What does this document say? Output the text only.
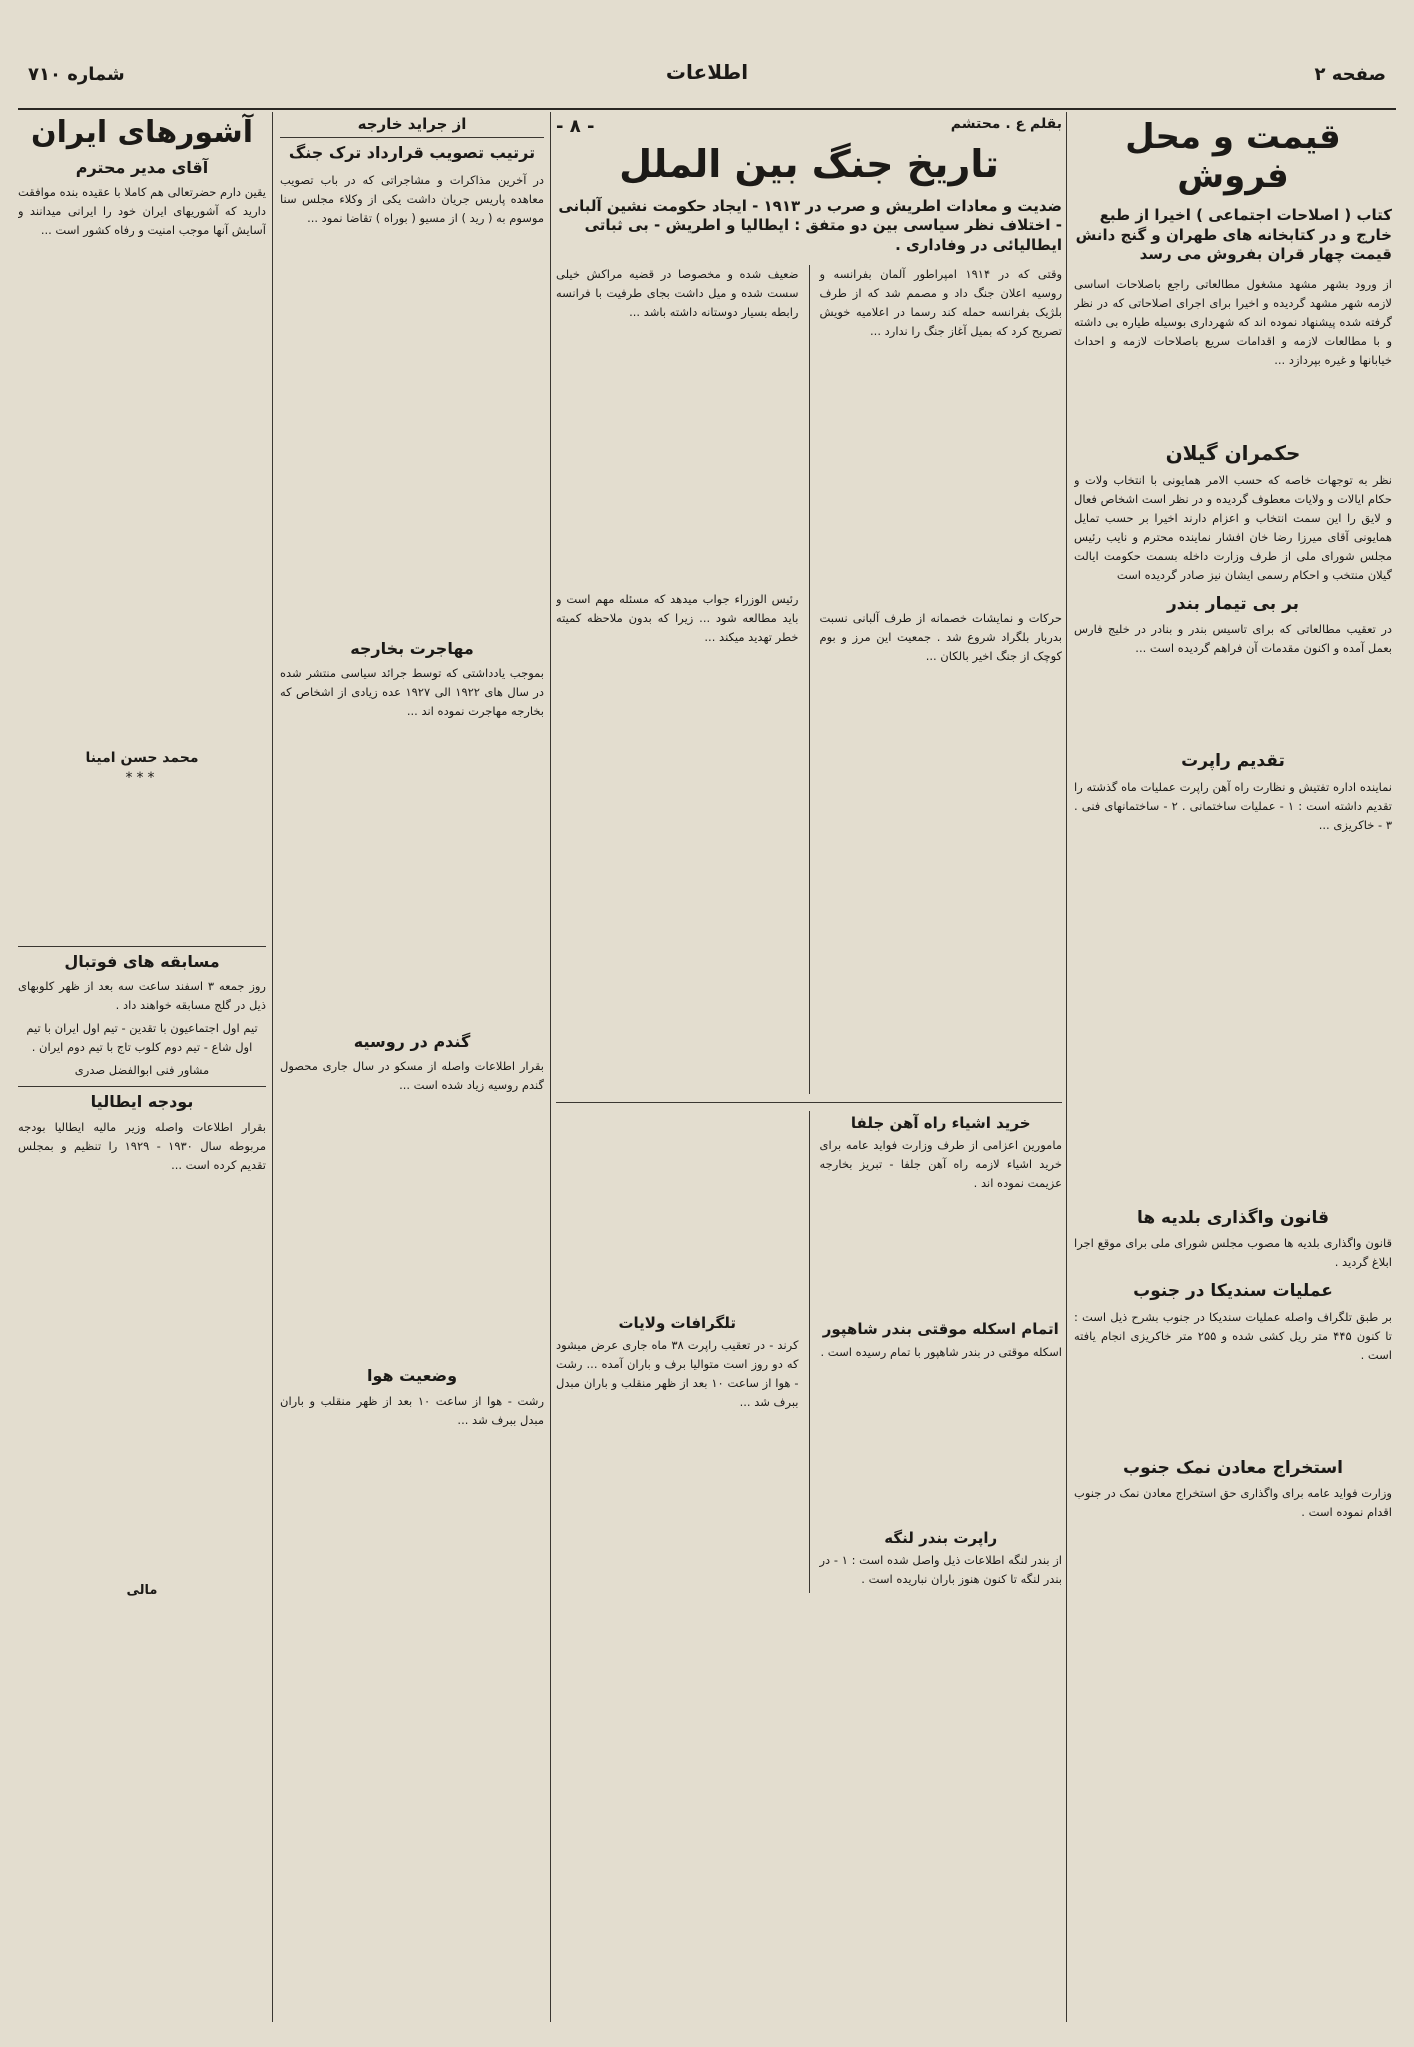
صفحه ۲
اطلاعات
شماره ۷۱۰
قیمت و محل فروش
کتاب ( اصلاحات اجتماعی ) اخیرا از طبع خارج و در کتابخانه های طهران و گنج دانش قیمت چهار قران بفروش می رسد
از ورود بشهر مشهد مشغول مطالعاتی راجع باصلاحات اساسی لازمه شهر مشهد گردیده و اخیرا برای اجرای اصلاحاتی که در نظر گرفته شده پیشنهاد نموده اند که شهرداری بوسیله طیاره بی داشته و با مطالعات لازمه و اقدامات سریع باصلاحات لازمه و احداث خیابانها و غیره بپردازد ...
حکمران گیلان
نظر به توجهات خاصه که حسب الامر همایونی با انتخاب ولات و حکام ایالات و ولایات معطوف گردیده و در نظر است اشخاص فعال و لایق را این سمت انتخاب و اعزام دارند اخیرا بر حسب تمایل همایونی آقای میرزا رضا خان افشار نماینده محترم و نایب رئیس مجلس شورای ملی از طرف وزارت داخله بسمت حکومت ایالت گیلان منتخب و احکام رسمی ایشان نیز صادر گردیده است
بر بی تیمار بندر
در تعقیب مطالعاتی که برای تاسیس بندر و بنادر در خلیج فارس بعمل آمده و اکنون مقدمات آن فراهم گردیده است ...
تقدیم راپرت
نماینده اداره تفتیش و نظارت راه آهن راپرت عملیات ماه گذشته را تقدیم داشته است : ۱ - عملیات ساختمانی . ۲ - ساختمانهای فنی . ۳ - خاکریزی ...
قانون واگذاری بلدیه ها
قانون واگذاری بلدیه ها مصوب مجلس شورای ملی برای موقع اجرا ابلاغ گردید .
عملیات سندیکا در جنوب
بر طبق تلگراف واصله عملیات سندیکا در جنوب بشرح ذیل است : تا کنون ۴۴۵ متر ریل کشی شده و ۲۵۵ متر خاکریزی انجام یافته است .
استخراج معادن نمک جنوب
وزارت فواید عامه برای واگذاری حق استخراج معادن نمک در جنوب اقدام نموده است .
بقلم ع . محتشم
- ۸ -
تاریخ جنگ بین الملل
ضدیت و معادات اطریش و صرب در ۱۹۱۳ - ایجاد حکومت نشین آلبانی - اختلاف نظر سیاسی بین دو متفق : ایطالیا و اطریش - بی ثباتی ایطالیائی در وفاداری .
وقتی که در ۱۹۱۴ امپراطور آلمان بفرانسه و روسیه اعلان جنگ داد و مصمم شد که از طرف بلژیک بفرانسه حمله کند رسما در اعلامیه خویش تصریح کرد که بمیل آغاز جنگ را ندارد ...
حرکات و نمایشات خصمانه از طرف آلبانی نسبت بدربار بلگراد شروع شد . جمعیت این مرز و بوم کوچک از جنگ اخیر بالکان ...
ضعیف شده و مخصوصا در قضیه مراکش خیلی سست شده و میل داشت بجای طرفیت با فرانسه رابطه بسیار دوستانه داشته باشد ...
رئیس الوزراء جواب میدهد که مسئله مهم است و باید مطالعه شود ... زیرا که بدون ملاحظه کمیته خطر تهدید میکند ...
خرید اشیاء راه آهن جلفا
مامورین اعزامی از طرف وزارت فواید عامه برای خرید اشیاء لازمه راه آهن جلفا - تبریز بخارجه عزیمت نموده اند .
اتمام اسکله موقتی بندر شاهپور
اسکله موقتی در بندر شاهپور با تمام رسیده است .
راپرت بندر لنگه
از بندر لنگه اطلاعات ذیل واصل شده است : ۱ - در بندر لنگه تا کنون هنوز باران نباریده است .
تلگرافات ولایات
کرند - در تعقیب راپرت ۳۸ ماه جاری عرض میشود که دو روز است متوالیا برف و باران آمده ... رشت - هوا از ساعت ۱۰ بعد از ظهر منقلب و باران مبدل ببرف شد ...
از جراید خارجه
ترتیب تصویب قرارداد ترک جنگ
در آخرین مذاکرات و مشاجراتی که در باب تصویب معاهده پاریس جریان داشت یکی از وکلاء مجلس سنا موسوم به ( رید ) از مسیو ( بوراه ) تقاضا نمود ...
مهاجرت بخارجه
بموجب یادداشتی که توسط جرائد سیاسی منتشر شده در سال های ۱۹۲۲ الی ۱۹۲۷ عده زیادی از اشخاص که بخارجه مهاجرت نموده اند ...
گندم در روسیه
بقرار اطلاعات واصله از مسکو در سال جاری محصول گندم روسیه زیاد شده است ...
وضعیت هوا
رشت - هوا از ساعت ۱۰ بعد از ظهر منقلب و باران مبدل ببرف شد ...
آشورهای ایران
آقای مدیر محترم
یقین دارم حضرتعالی هم کاملا با عقیده بنده موافقت دارید که آشوریهای ایران خود را ایرانی میدانند و آسایش آنها موجب امنیت و رفاه کشور است ...
محمد حسن امینا
***
مسابقه های فوتبال
روز جمعه ۳ اسفند ساعت سه بعد از ظهر کلوبهای ذیل در گلج مسابقه خواهند داد .
تیم اول اجتماعیون با تقدین - تیم اول ایران با تیم اول شاع - تیم دوم کلوب تاج با تیم دوم ایران .
مشاور فنی ابوالفضل صدری
بودجه ایطالیا
بقرار اطلاعات واصله وزیر مالیه ایطالیا بودجه مربوطه سال ۱۹۳۰ - ۱۹۲۹ را تنظیم و بمجلس تقدیم کرده است ...
مالی
